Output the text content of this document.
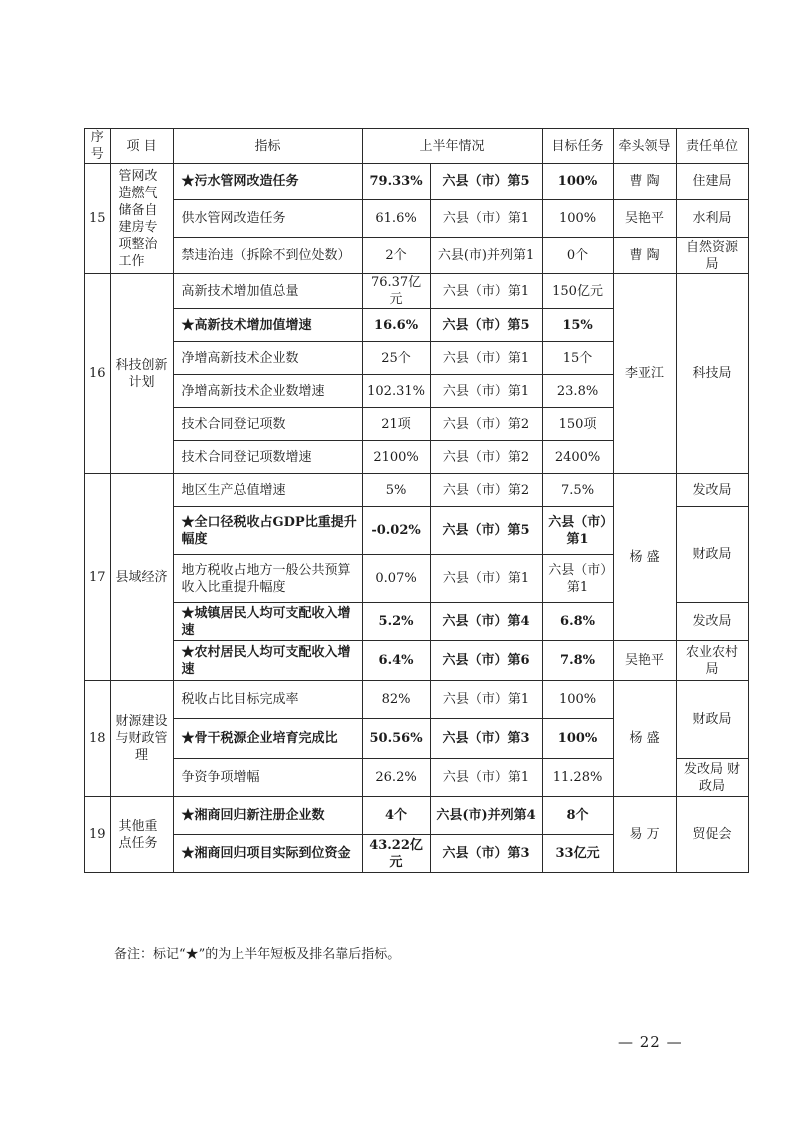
序号	项 目	指标	上半年情况		目标任务	牵头领导	责任单位
15	管网改造燃气储备自建房专项整治工作	★污水管网改造任务	79.33%	六县（市）第5	100%	曹 陶	住建局
		供水管网改造任务	61.6%	六县（市）第1	100%	吴艳平	水利局
		禁违治违（拆除不到位处数）	2个	六县(市)并列第1	0个	曹 陶	自然资源局
16	科技创新计划	高新技术增加值总量	76.37亿元	六县（市）第1	150亿元	李亚江	科技局
		★高新技术增加值增速	16.6%	六县（市）第5	15%		
		净增高新技术企业数	25个	六县（市）第1	15个		
		净增高新技术企业数增速	102.31%	六县（市）第1	23.8%		
		技术合同登记项数	21项	六县（市）第2	150项		
		技术合同登记项数增速	2100%	六县（市）第2	2400%		
17	县域经济	地区生产总值增速	5%	六县（市）第2	7.5%	杨 盛	发改局
		★全口径税收占GDP比重提升幅度	-0.02%	六县（市）第5	六县（市）第1		财政局
		地方税收占地方一般公共预算收入比重提升幅度	0.07%	六县（市）第1	六县（市）第1		
		★城镇居民人均可支配收入增速	5.2%	六县（市）第4	6.8%		发改局
		★农村居民人均可支配收入增速	6.4%	六县（市）第6	7.8%	吴艳平	农业农村局
18	财源建设与财政管理	税收占比目标完成率	82%	六县（市）第1	100%	杨 盛	财政局
		★骨干税源企业培育完成比	50.56%	六县（市）第3	100%		
		争资争项增幅	26.2%	六县（市）第1	11.28%		发改局 财政局
19	其他重点任务	★湘商回归新注册企业数	4个	六县(市)并列第4	8个	易 万	贸促会
		★湘商回归项目实际到位资金	43.22亿元	六县（市）第3	33亿元		
备注：标记“★”的为上半年短板及排名靠后指标。
— 22 —
